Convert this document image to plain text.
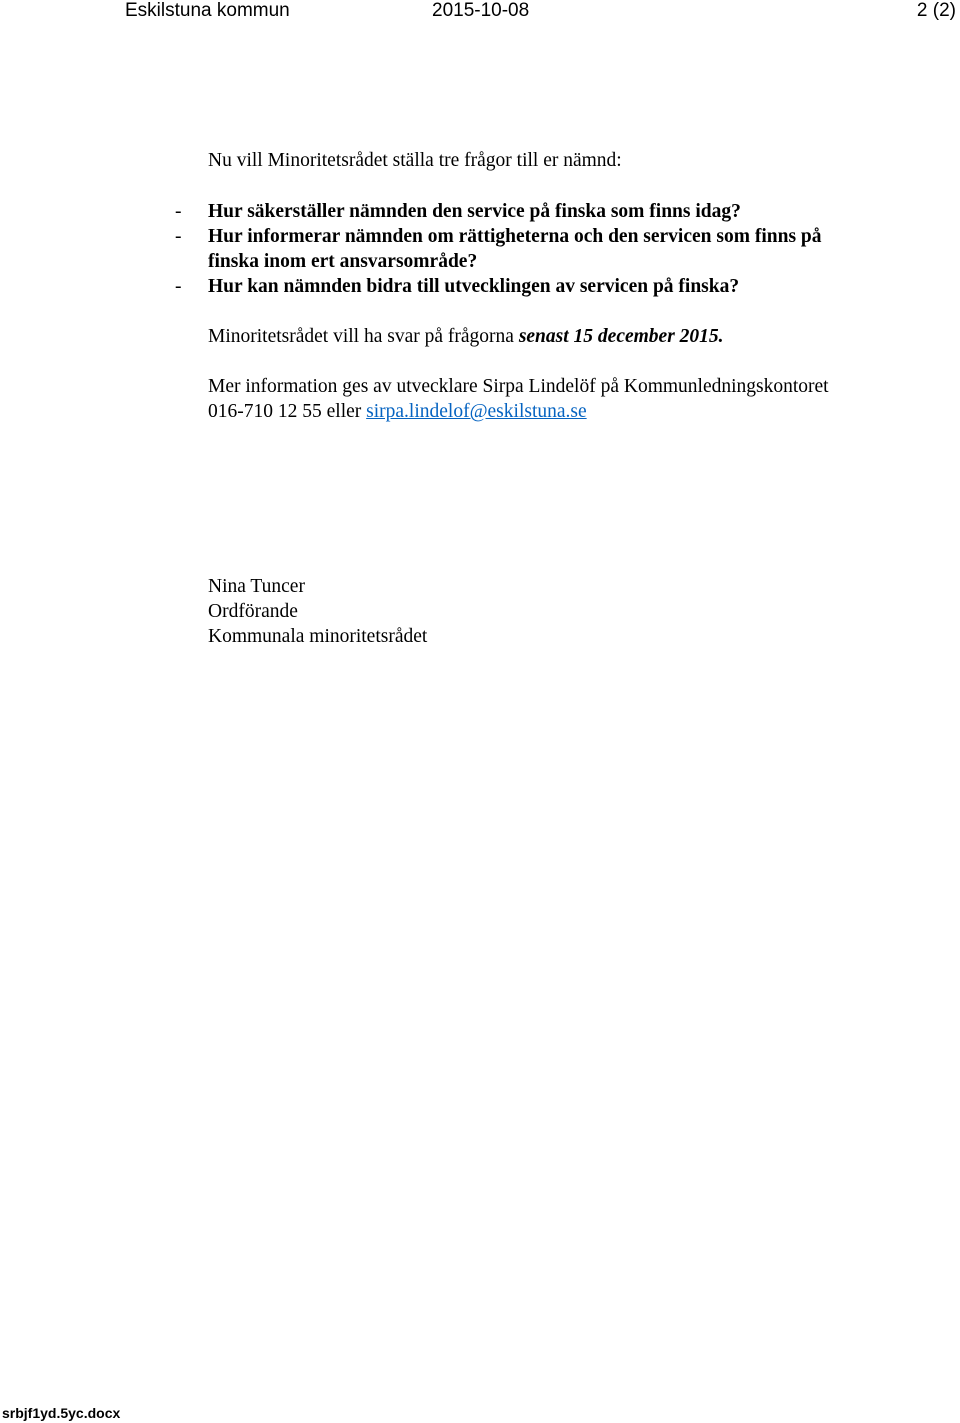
Eskilstuna kommun	2015-10-08	2 (2)

Nu vill Minoritetsrådet ställa tre frågor till er nämnd:

- Hur säkerställer nämnden den service på finska som finns idag?
- Hur informerar nämnden om rättigheterna och den servicen som finns på finska inom ert ansvarsområde?
- Hur kan nämnden bidra till utvecklingen av servicen på finska?

Minoritetsrådet vill ha svar på frågorna senast 15 december 2015.

Mer information ges av utvecklare Sirpa Lindelöf på Kommunledningskontoret
016-710 12 55 eller sirpa.lindelof@eskilstuna.se

Nina Tuncer
Ordförande
Kommunala minoritetsrådet

srbjf1yd.5yc.docx
